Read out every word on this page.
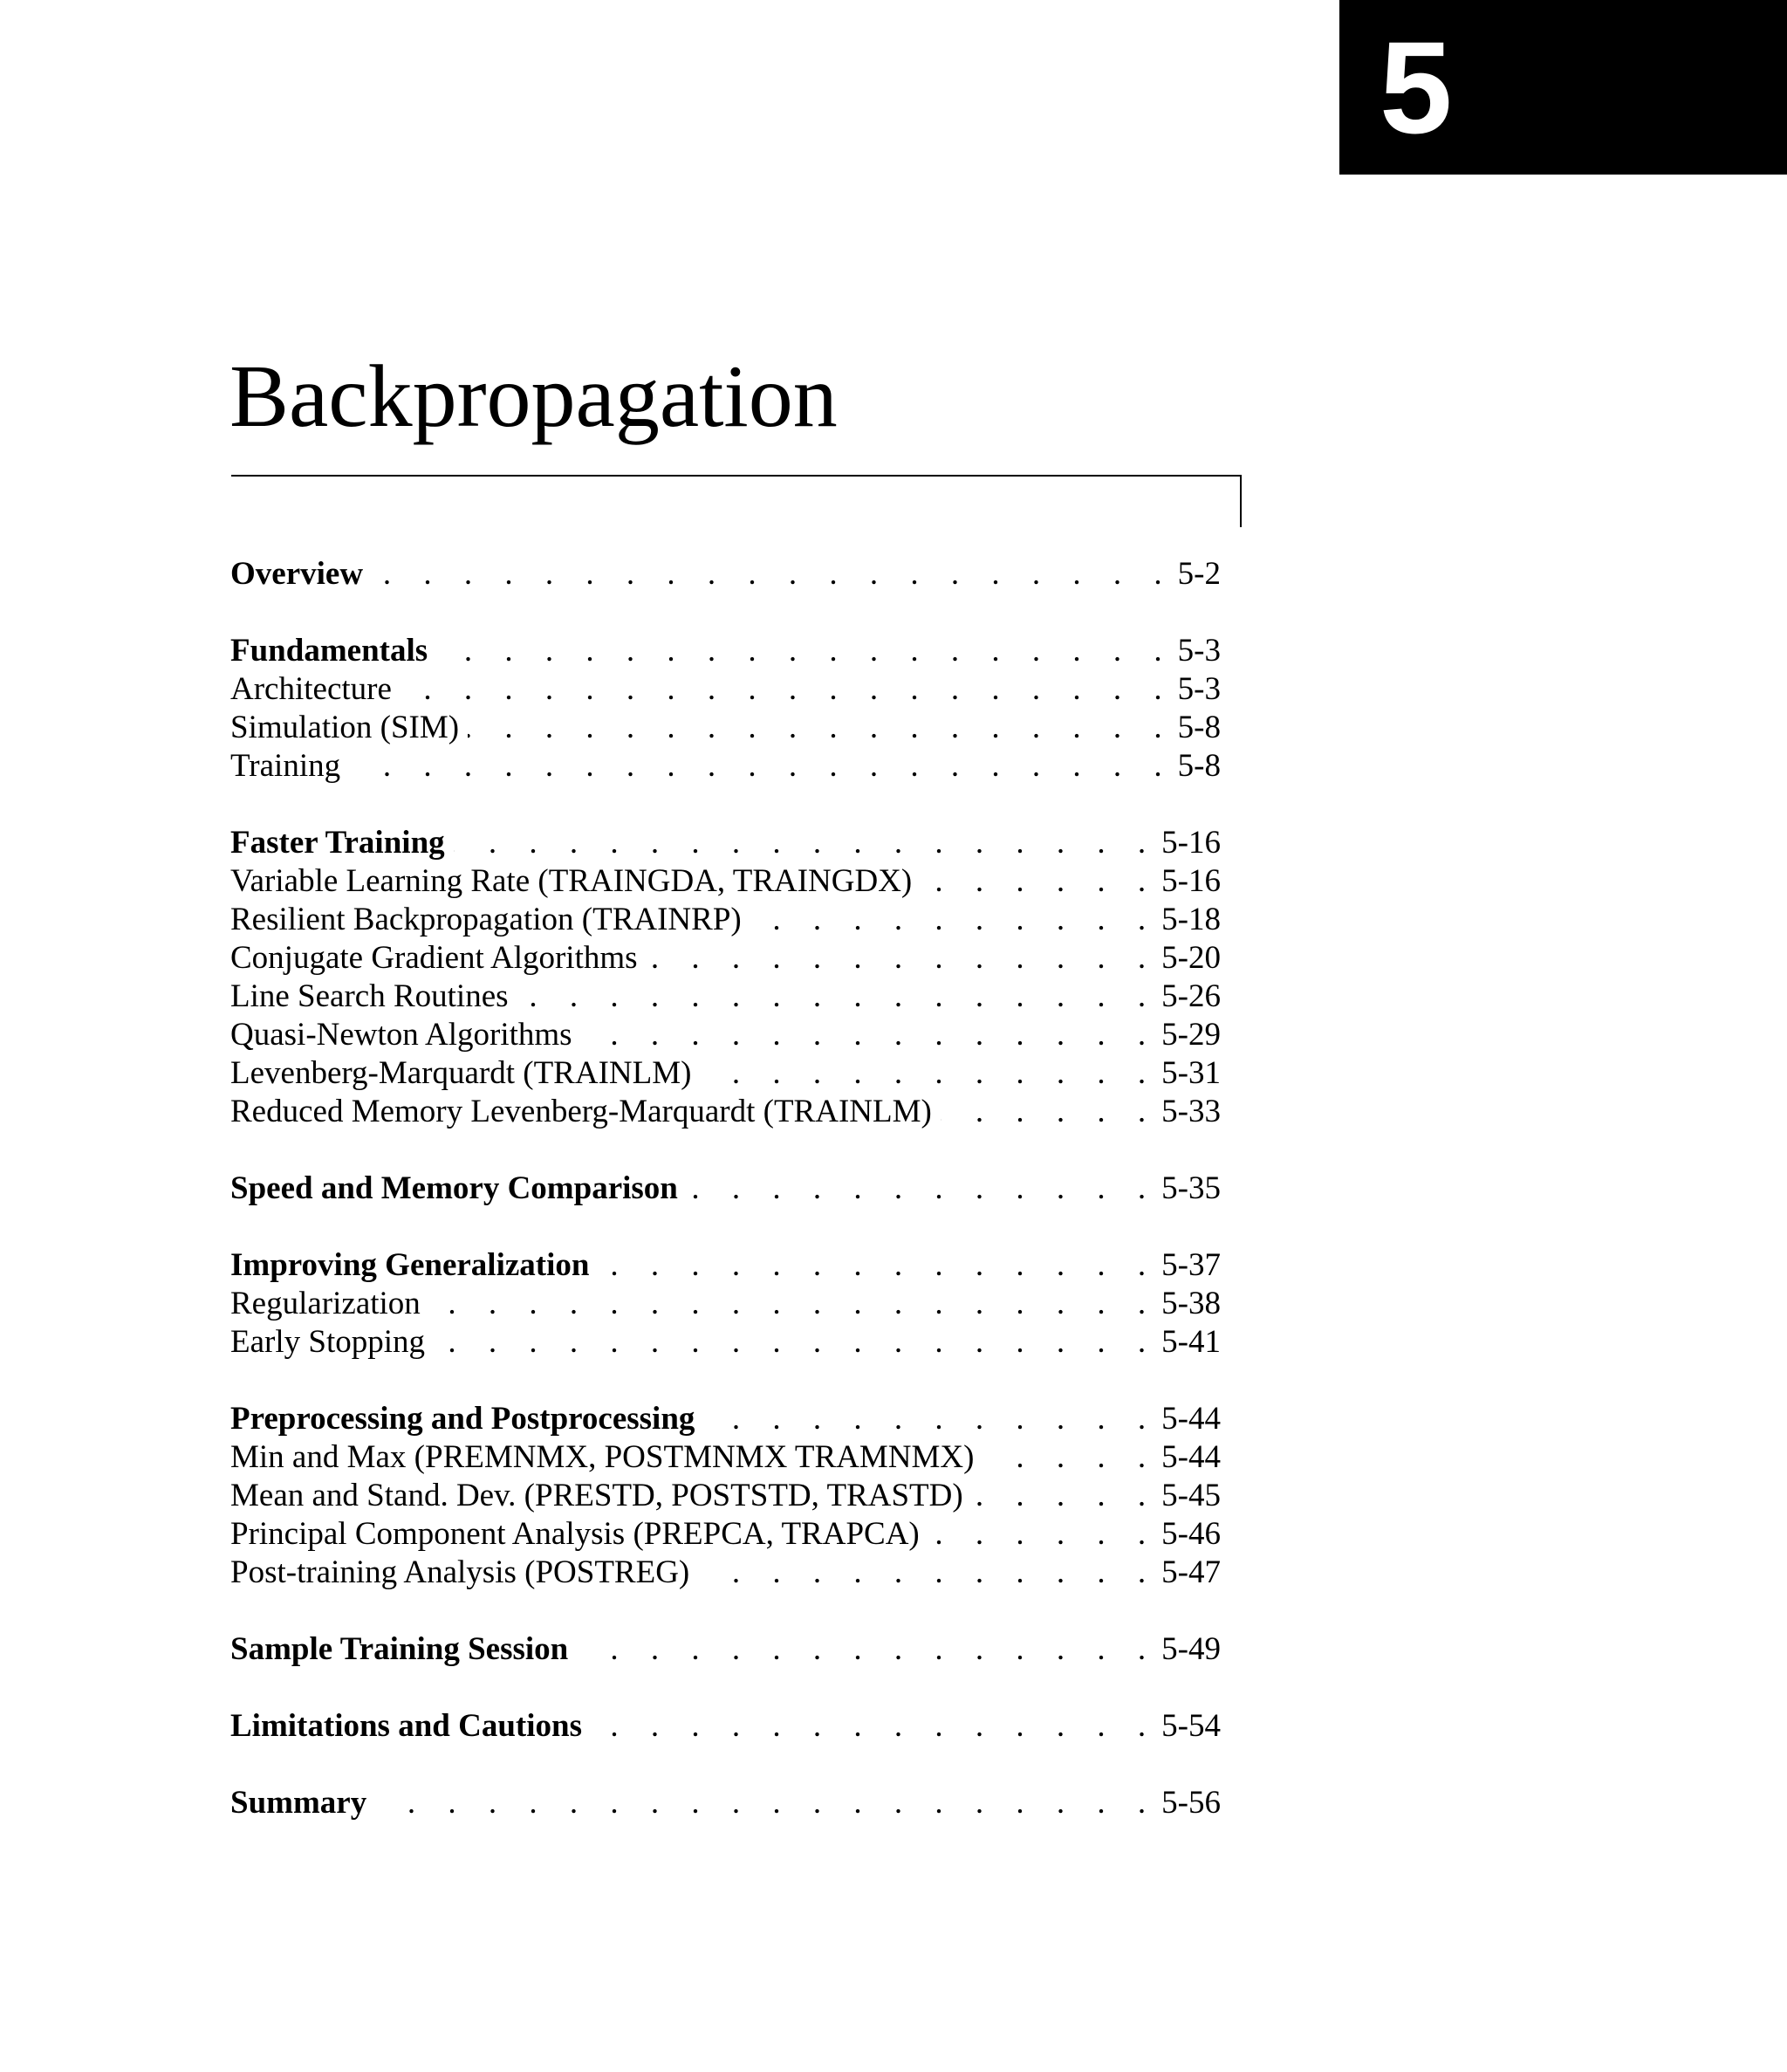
5
Backpropagation
Overview . . .	5-2
Fundamentals . . .	5-3
Architecture . . .	5-3
Simulation (SIM) . . .	5-8
Training . . .	5-8
Faster Training . . .	5-16
Variable Learning Rate (TRAINGDA, TRAINGDX) . . .	5-16
Resilient Backpropagation (TRAINRP) . . .	5-18
Conjugate Gradient Algorithms . . .	5-20
Line Search Routines . . .	5-26
Quasi-Newton Algorithms . . .	5-29
Levenberg-Marquardt (TRAINLM) . . .	5-31
Reduced Memory Levenberg-Marquardt (TRAINLM) . . .	5-33
Speed and Memory Comparison . . .	5-35
Improving Generalization . . .	5-37
Regularization . . .	5-38
Early Stopping . . .	5-41
Preprocessing and Postprocessing . . .	5-44
Min and Max (PREMNMX, POSTMNMX TRAMNMX) . . .	5-44
Mean and Stand. Dev. (PRESTD, POSTSTD, TRASTD) . . .	5-45
Principal Component Analysis (PREPCA, TRAPCA) . . .	5-46
Post-training Analysis (POSTREG) . . .	5-47
Sample Training Session . . .	5-49
Limitations and Cautions . . .	5-54
Summary . . .	5-56
